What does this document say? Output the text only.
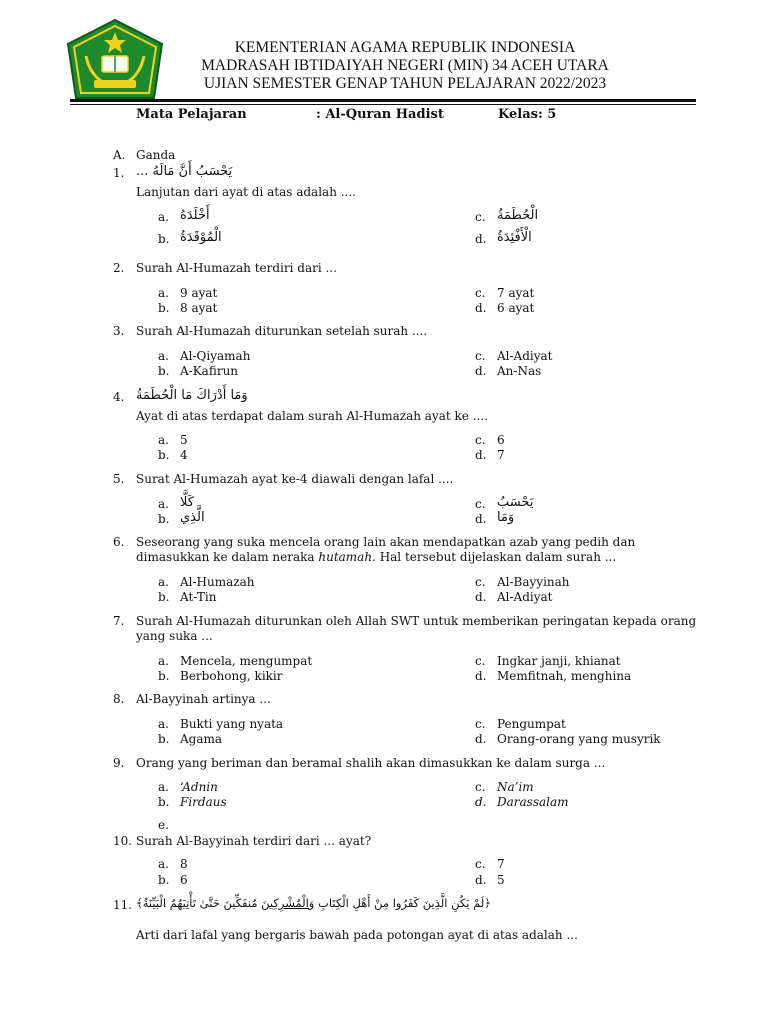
KEMENTERIAN AGAMA REPUBLIK INDONESIA
MADRASAH IBTIDAIYAH NEGERI (MIN) 34 ACEH UTARA
UJIAN SEMESTER GENAP TAHUN PELAJARAN 2022/2023
Mata Pelajaran	: Al-Quran Hadist	Kelas: 5
A. Ganda
1. يَحْسَبُ أَنَّ مَالَهُ ...
Lanjutan dari ayat di atas adalah ....
a. أَخْلَدَهُ
b. الْمُوْقَدَةُ
c. الْحُطَمَةُ
d. الْأَفْئِدَةُ
2. Surah Al-Humazah terdiri dari ...
a. 9 ayat
b. 8 ayat
c. 7 ayat
d. 6 ayat
3. Surah Al-Humazah diturunkan setelah surah ....
a. Al-Qiyamah
b. A-Kafirun
c. Al-Adiyat
d. An-Nas
4. وَمَا أَدْرَاكَ مَا الْحُطَمَةُ
Ayat di atas terdapat dalam surah Al-Humazah ayat ke ....
a. 5
b. 4
c. 6
d. 7
5. Surat Al-Humazah ayat ke-4 diawali dengan lafal ....
a. كَلَّا
b. الَّذِي
c. يَحْسَبُ
d. وَمَا
6. Seseorang yang suka mencela orang lain akan mendapatkan azab yang pedih dan
dimasukkan ke dalam neraka hutamah. Hal tersebut dijelaskan dalam surah ...
a. Al-Humazah
b. At-Tin
c. Al-Bayyinah
d. Al-Adiyat
7. Surah Al-Humazah diturunkan oleh Allah SWT untuk memberikan peringatan kepada orang
yang suka ...
a. Mencela, mengumpat
b. Berbohong, kikir
c. Ingkar janji, khianat
d. Memfitnah, menghina
8. Al-Bayyinah artinya ...
a. Bukti yang nyata
b. Agama
c. Pengumpat
d. Orang-orang yang musyrik
9. Orang yang beriman dan beramal shalih akan dimasukkan ke dalam surga ...
a. ‘Adnin
b. Firdaus
c. Na’im
d. Darassalam
e.
10. Surah Al-Bayyinah terdiri dari ... ayat?
a. 8
b. 6
c. 7
d. 5
11.	﴿لَمْ يَكُنِ الَّذِينَ كَفَرُوا مِنْ أَهْلِ الْكِتَابِ وَالْمُشْرِكِينَ مُنفَكِّينَ حَتَّىٰ تَأْتِيَهُمُ الْبَيِّنَةُ﴾
Arti dari lafal yang bergaris bawah pada potongan ayat di atas adalah ...
